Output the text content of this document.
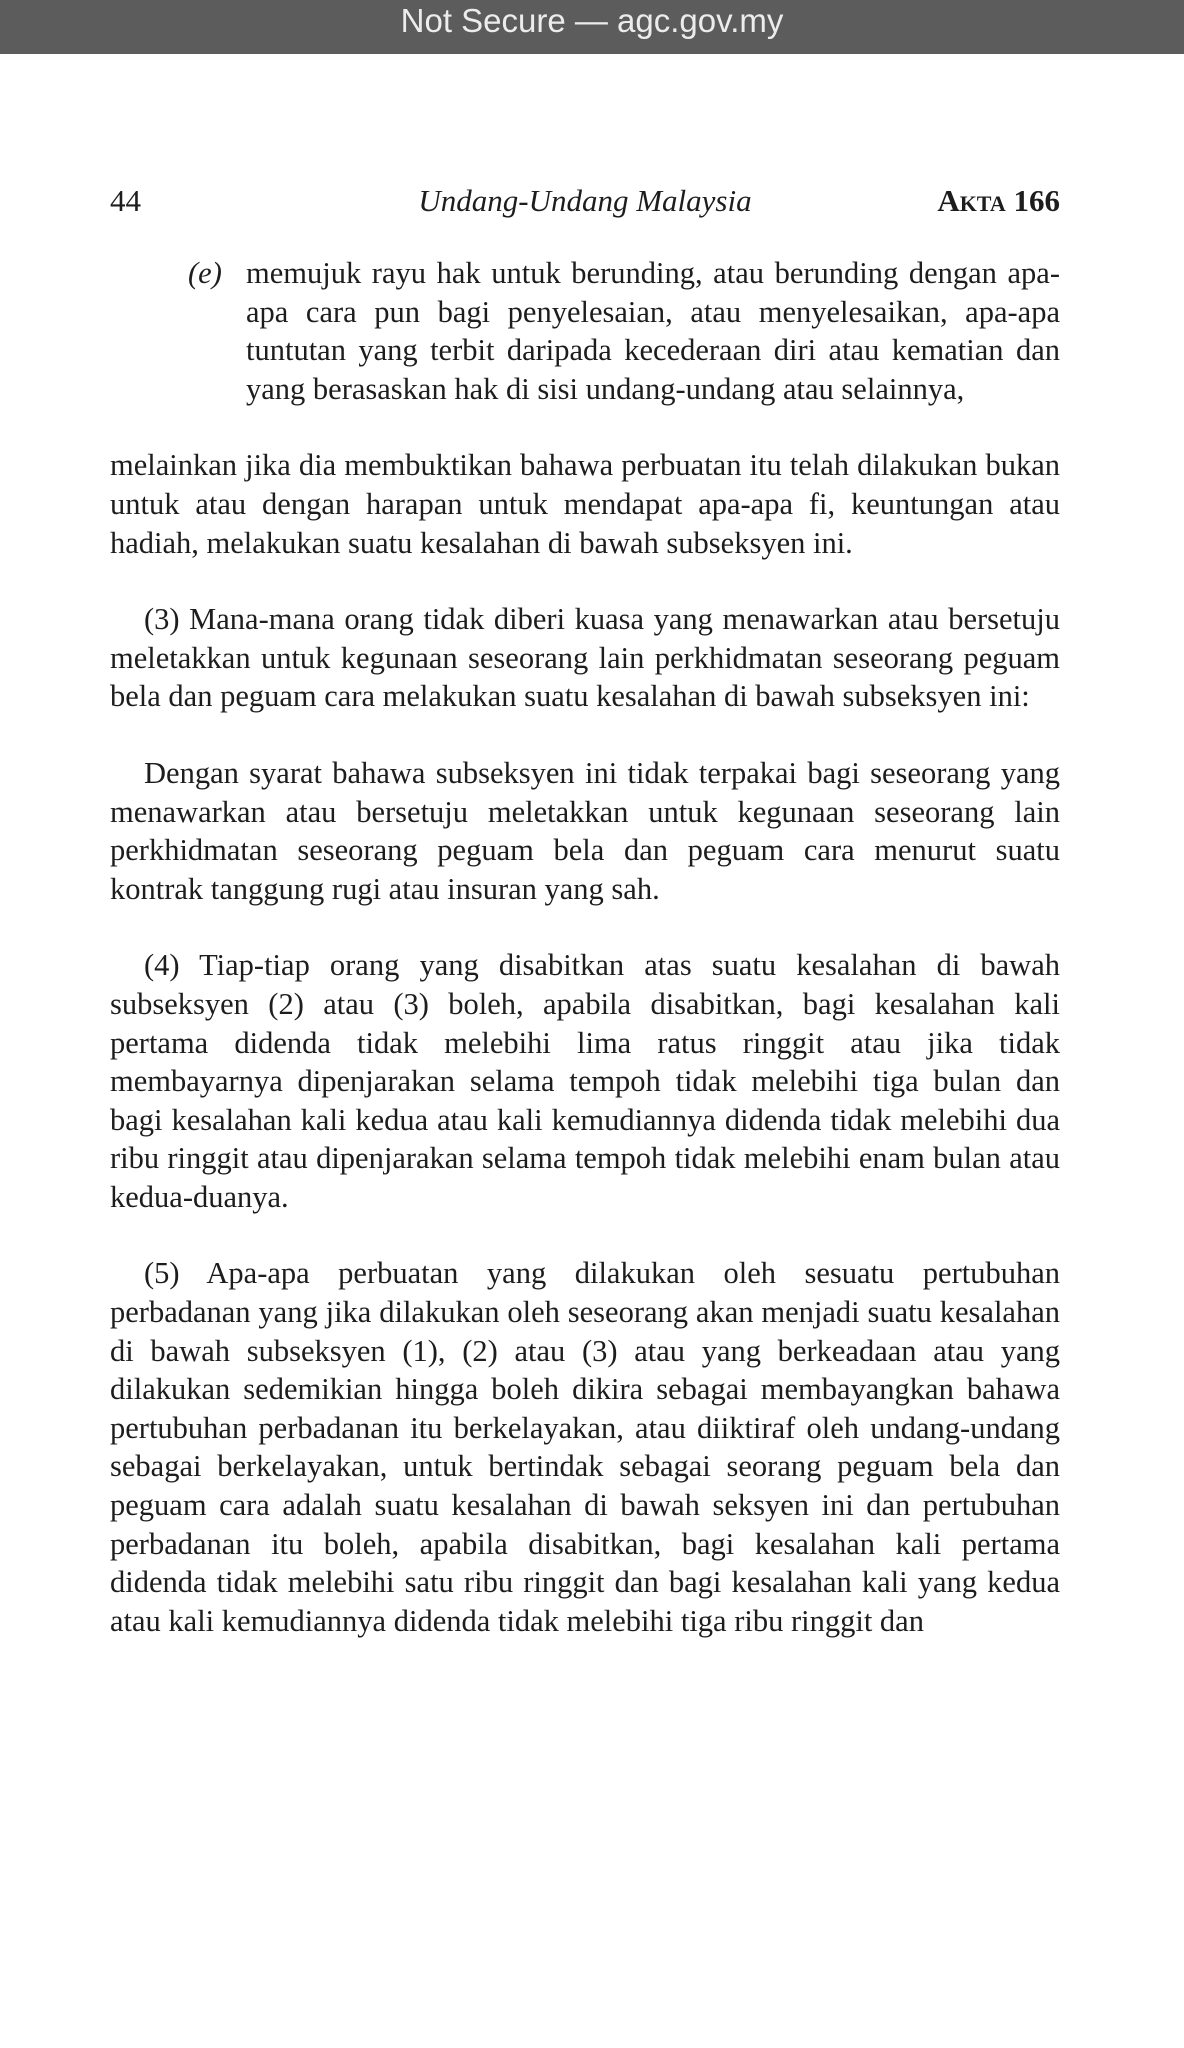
Not Secure — agc.gov.my
44	Undang-Undang Malaysia	Akta 166
(e) memujuk rayu hak untuk berunding, atau berunding dengan apa-apa cara pun bagi penyelesaian, atau menyelesaikan, apa-apa tuntutan yang terbit daripada kecederaan diri atau kematian dan yang berasaskan hak di sisi undang-undang atau selainnya,

melainkan jika dia membuktikan bahawa perbuatan itu telah dilakukan bukan untuk atau dengan harapan untuk mendapat apa-apa fi, keuntungan atau hadiah, melakukan suatu kesalahan di bawah subseksyen ini.

(3) Mana-mana orang tidak diberi kuasa yang menawarkan atau bersetuju meletakkan untuk kegunaan seseorang lain perkhidmatan seseorang peguam bela dan peguam cara melakukan suatu kesalahan di bawah subseksyen ini:

Dengan syarat bahawa subseksyen ini tidak terpakai bagi seseorang yang menawarkan atau bersetuju meletakkan untuk kegunaan seseorang lain perkhidmatan seseorang peguam bela dan peguam cara menurut suatu kontrak tanggung rugi atau insuran yang sah.

(4) Tiap-tiap orang yang disabitkan atas suatu kesalahan di bawah subseksyen (2) atau (3) boleh, apabila disabitkan, bagi kesalahan kali pertama didenda tidak melebihi lima ratus ringgit atau jika tidak membayarnya dipenjarakan selama tempoh tidak melebihi tiga bulan dan bagi kesalahan kali kedua atau kali kemudiannya didenda tidak melebihi dua ribu ringgit atau dipenjarakan selama tempoh tidak melebihi enam bulan atau kedua-duanya.

(5) Apa-apa perbuatan yang dilakukan oleh sesuatu pertubuhan perbadanan yang jika dilakukan oleh seseorang akan menjadi suatu kesalahan di bawah subseksyen (1), (2) atau (3) atau yang berkeadaan atau yang dilakukan sedemikian hingga boleh dikira sebagai membayangkan bahawa pertubuhan perbadanan itu berkelayakan, atau diiktiraf oleh undang-undang sebagai berkelayakan, untuk bertindak sebagai seorang peguam bela dan peguam cara adalah suatu kesalahan di bawah seksyen ini dan pertubuhan perbadanan itu boleh, apabila disabitkan, bagi kesalahan kali pertama didenda tidak melebihi satu ribu ringgit dan bagi kesalahan kali yang kedua atau kali kemudiannya didenda tidak melebihi tiga ribu ringgit dan
